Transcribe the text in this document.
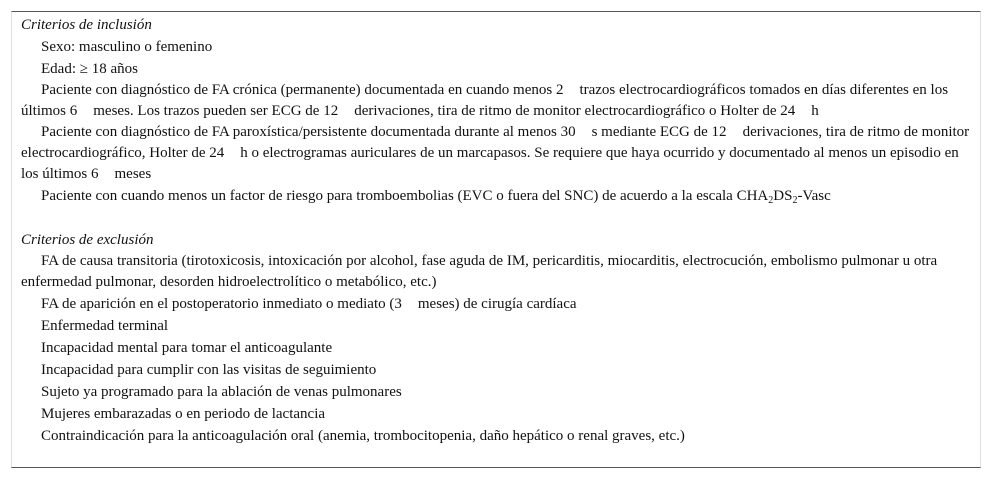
Criterios de inclusión
Sexo: masculino o femenino
Edad: ≥ 18 años
Paciente con diagnóstico de FA crónica (permanente) documentada en cuando menos 2 trazos electrocardiográficos tomados en días diferentes en los últimos 6 meses. Los trazos pueden ser ECG de 12 derivaciones, tira de ritmo de monitor electrocardiográfico o Holter de 24 h
Paciente con diagnóstico de FA paroxística/persistente documentada durante al menos 30 s mediante ECG de 12 derivaciones, tira de ritmo de monitor electrocardiográfico, Holter de 24 h o electrogramas auriculares de un marcapasos. Se requiere que haya ocurrido y documentado al menos un episodio en los últimos 6 meses
Paciente con cuando menos un factor de riesgo para tromboembolias (EVC o fuera del SNC) de acuerdo a la escala $CHA_2DS_2$-Vasc
Criterios de exclusión
FA de causa transitoria (tirotoxicosis, intoxicación por alcohol, fase aguda de IM, pericarditis, miocarditis, electrocución, embolismo pulmonar u otra enfermedad pulmonar, desorden hidroelectrolítico o metabólico, etc.)
FA de aparición en el postoperatorio inmediato o mediato (3 meses) de cirugía cardíaca
Enfermedad terminal
Incapacidad mental para tomar el anticoagulante
Incapacidad para cumplir con las visitas de seguimiento
Sujeto ya programado para la ablación de venas pulmonares
Mujeres embarazadas o en periodo de lactancia
Contraindicación para la anticoagulación oral (anemia, trombocitopenia, daño hepático o renal graves, etc.)
